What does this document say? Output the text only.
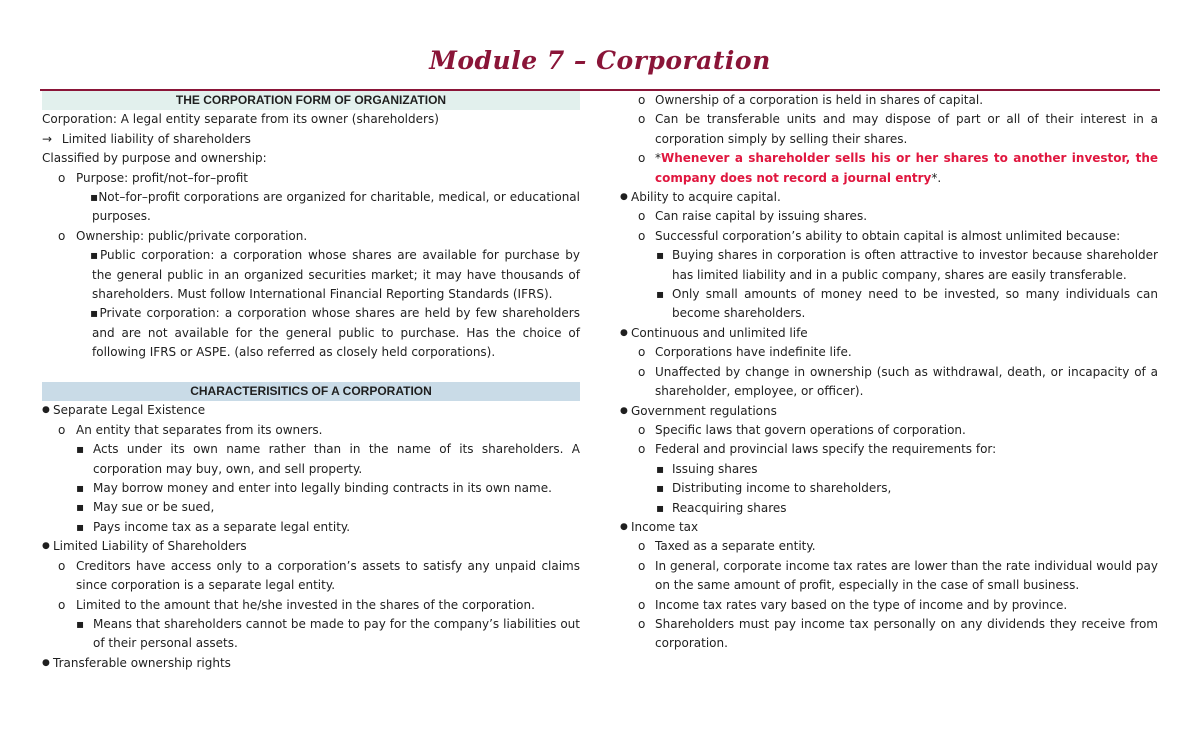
Module 7 – Corporation
THE CORPORATION FORM OF ORGANIZATION
Corporation: A legal entity separate from its owner (shareholders)
→ Limited liability of shareholders
Classified by purpose and ownership:
o Purpose: profit/not–for–profit
▪Not–for–profit corporations are organized for charitable, medical, or educational purposes.
o Ownership: public/private corporation.
▪Public corporation: a corporation whose shares are available for purchase by the general public in an organized securities market; it may have thousands of shareholders. Must follow International Financial Reporting Standards (IFRS).
▪Private corporation: a corporation whose shares are held by few shareholders and are not available for the general public to purchase. Has the choice of following IFRS or ASPE. (also referred as closely held corporations).
CHARACTERISITICS OF A CORPORATION
● Separate Legal Existence
o An entity that separates from its owners.
▪ Acts under its own name rather than in the name of its shareholders. A corporation may buy, own, and sell property.
▪ May borrow money and enter into legally binding contracts in its own name.
▪ May sue or be sued,
▪ Pays income tax as a separate legal entity.
● Limited Liability of Shareholders
o Creditors have access only to a corporation’s assets to satisfy any unpaid claims since corporation is a separate legal entity.
o Limited to the amount that he/she invested in the shares of the corporation.
▪ Means that shareholders cannot be made to pay for the company’s liabilities out of their personal assets.
● Transferable ownership rights
o Ownership of a corporation is held in shares of capital.
o Can be transferable units and may dispose of part or all of their interest in a corporation simply by selling their shares.
o *Whenever a shareholder sells his or her shares to another investor, the company does not record a journal entry*.
● Ability to acquire capital.
o Can raise capital by issuing shares.
o Successful corporation’s ability to obtain capital is almost unlimited because:
▪ Buying shares in corporation is often attractive to investor because shareholder has limited liability and in a public company, shares are easily transferable.
▪ Only small amounts of money need to be invested, so many individuals can become shareholders.
● Continuous and unlimited life
o Corporations have indefinite life.
o Unaffected by change in ownership (such as withdrawal, death, or incapacity of a shareholder, employee, or officer).
● Government regulations
o Specific laws that govern operations of corporation.
o Federal and provincial laws specify the requirements for:
▪ Issuing shares
▪ Distributing income to shareholders,
▪ Reacquiring shares
● Income tax
o Taxed as a separate entity.
o In general, corporate income tax rates are lower than the rate individual would pay on the same amount of profit, especially in the case of small business.
o Income tax rates vary based on the type of income and by province.
o Shareholders must pay income tax personally on any dividends they receive from corporation.
